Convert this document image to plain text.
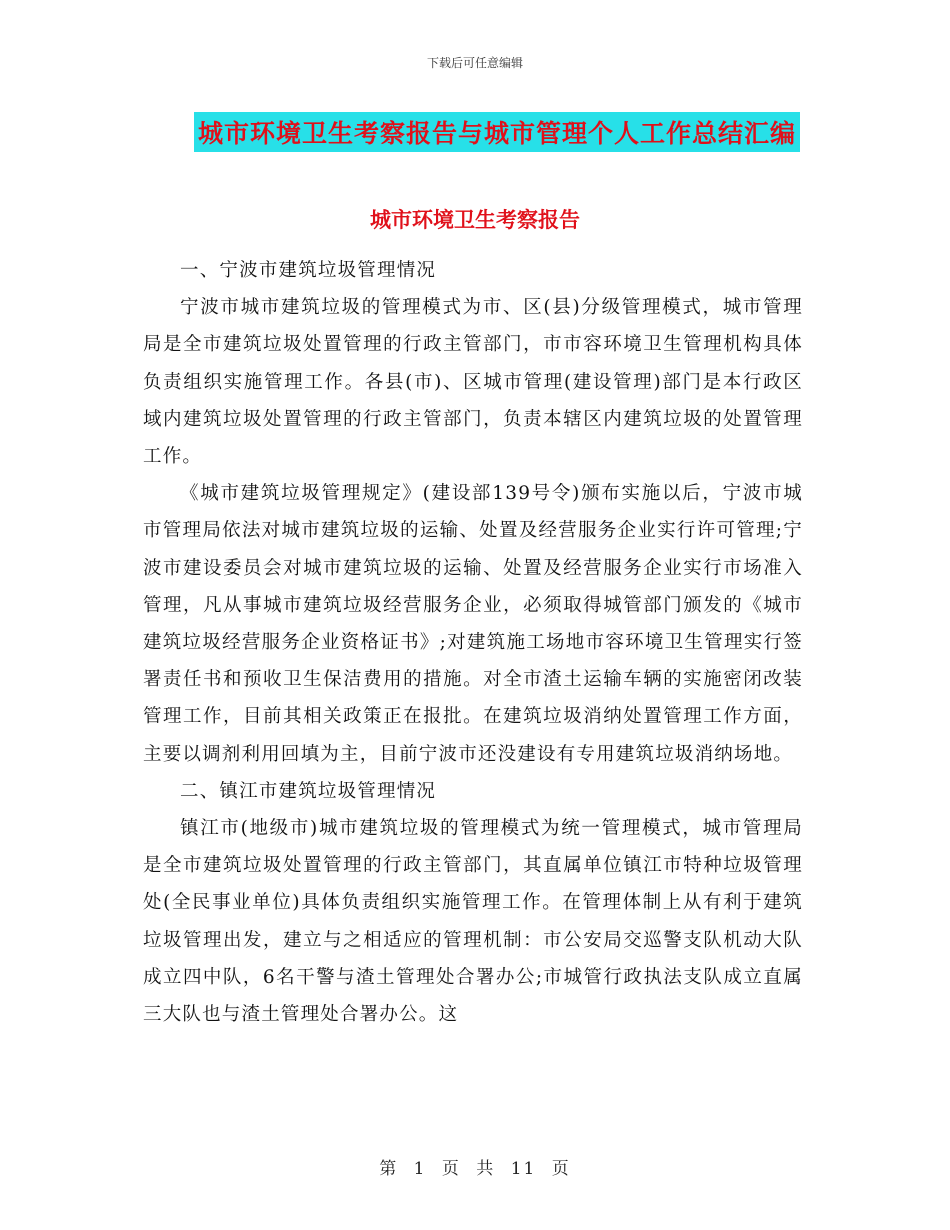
下载后可任意编辑
城市环境卫生考察报告与城市管理个人工作总结汇编
城市环境卫生考察报告

一、宁波市建筑垃圾管理情况

宁波市城市建筑垃圾的管理模式为市、区(县)分级管理模式，城市管理局是全市建筑垃圾处置管理的行政主管部门，市市容环境卫生管理机构具体负责组织实施管理工作。各县(市)、区城市管理(建设管理)部门是本行政区域内建筑垃圾处置管理的行政主管部门，负责本辖区内建筑垃圾的处置管理工作。

《城市建筑垃圾管理规定》(建设部139号令)颁布实施以后，宁波市城市管理局依法对城市建筑垃圾的运输、处置及经营服务企业实行许可管理;宁波市建设委员会对城市建筑垃圾的运输、处置及经营服务企业实行市场准入管理，凡从事城市建筑垃圾经营服务企业，必须取得城管部门颁发的《城市建筑垃圾经营服务企业资格证书》;对建筑施工场地市容环境卫生管理实行签署责任书和预收卫生保洁费用的措施。对全市渣土运输车辆的实施密闭改装管理工作，目前其相关政策正在报批。在建筑垃圾消纳处置管理工作方面，主要以调剂利用回填为主，目前宁波市还没建设有专用建筑垃圾消纳场地。

二、镇江市建筑垃圾管理情况

镇江市(地级市)城市建筑垃圾的管理模式为统一管理模式，城市管理局是全市建筑垃圾处置管理的行政主管部门，其直属单位镇江市特种垃圾管理处(全民事业单位)具体负责组织实施管理工作。在管理体制上从有利于建筑垃圾管理出发，建立与之相适应的管理机制：市公安局交巡警支队机动大队成立四中队，6名干警与渣土管理处合署办公;市城管行政执法支队成立直属三大队也与渣土管理处合署办公。这

第 1 页 共 11 页
